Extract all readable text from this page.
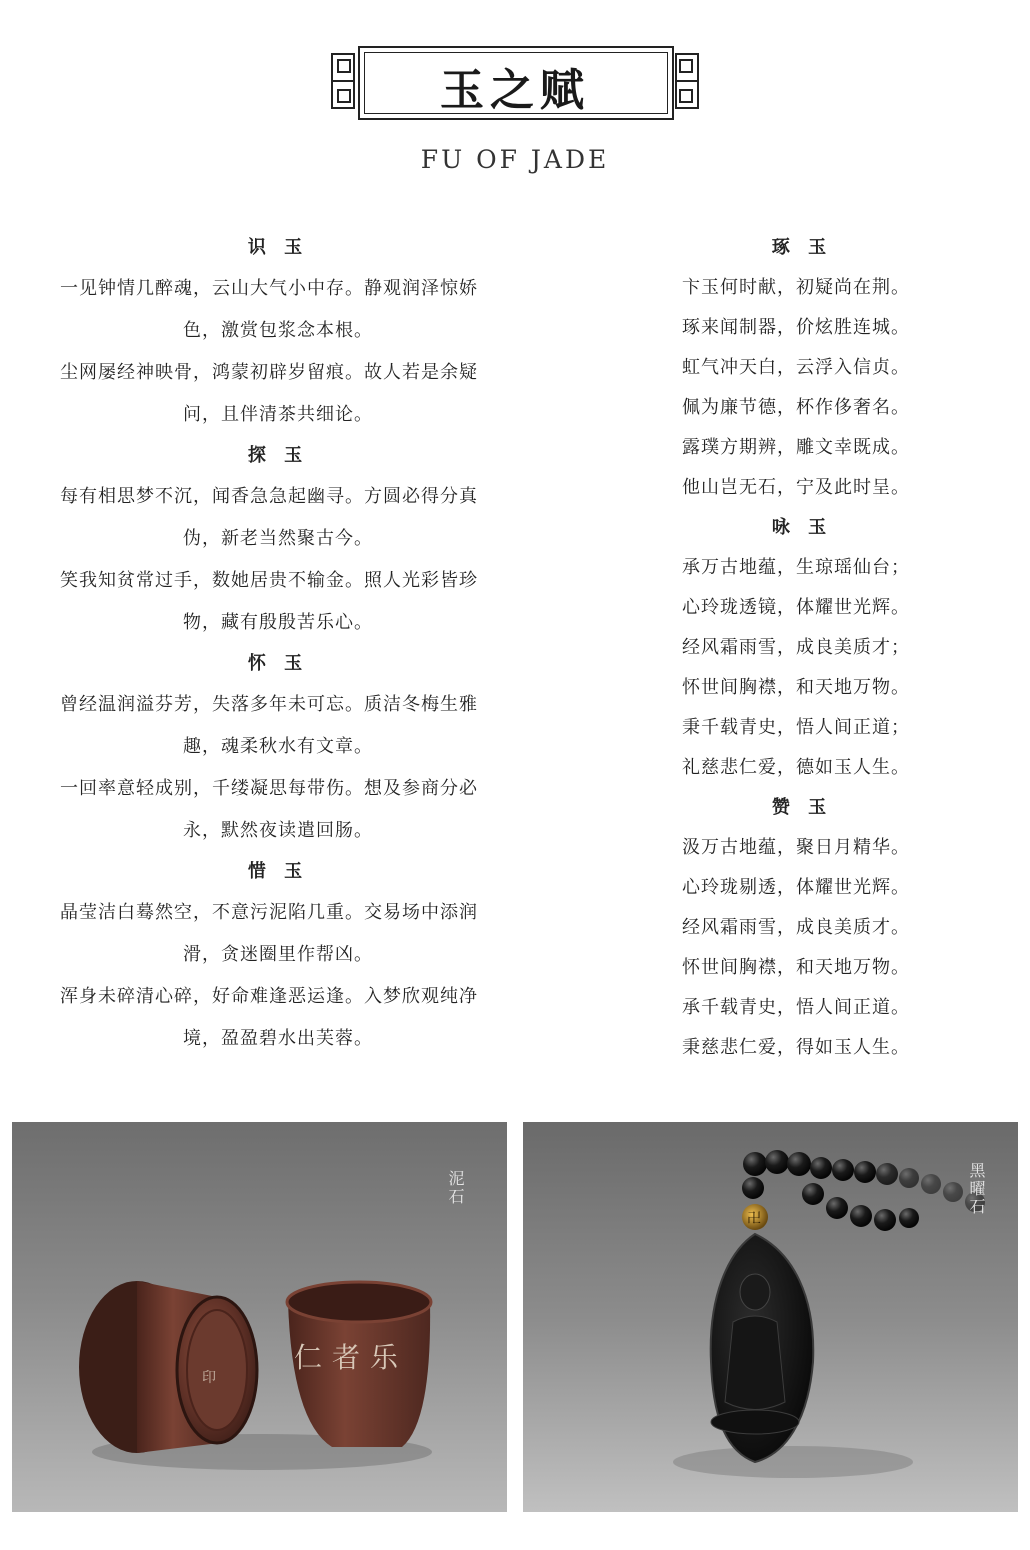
玉之赋
FU OF JADE
识 玉
一见钟情几醉魂，云山大气小中存。静观润泽惊娇
色，激赏包浆念本根。
尘网屡经神映骨，鸿蒙初辟岁留痕。故人若是余疑
问，且伴清茶共细论。
探 玉
每有相思梦不沉，闻香急急起幽寻。方圆必得分真
伪，新老当然聚古今。
笑我知贫常过手，数她居贵不输金。照人光彩皆珍
物，藏有殷殷苦乐心。
怀 玉
曾经温润溢芬芳，失落多年未可忘。质洁冬梅生雅
趣，魂柔秋水有文章。
一回率意轻成别，千缕凝思每带伤。想及参商分必
永，默然夜读遣回肠。
惜 玉
晶莹洁白蓦然空，不意污泥陷几重。交易场中添润
滑，贪迷圈里作帮凶。
浑身未碎清心碎，好命难逢恶运逢。入梦欣观纯净
境，盈盈碧水出芙蓉。
琢 玉
卞玉何时献，初疑尚在荆。
琢来闻制器，价炫胜连城。
虹气冲天白，云浮入信贞。
佩为廉节德，杯作侈奢名。
露璞方期辨，雕文幸既成。
他山岂无石，宁及此时呈。
咏 玉
承万古地蕴，生琼瑶仙台；
心玲珑透镜，体耀世光辉。
经风霜雨雪，成良美质才；
怀世间胸襟，和天地万物。
秉千载青史，悟人间正道；
礼慈悲仁爱，德如玉人生。
赞 玉
汲万古地蕴，聚日月精华。
心玲珑剔透，体耀世光辉。
经风霜雨雪，成良美质才。
怀世间胸襟，和天地万物。
承千载青史，悟人间正道。
秉慈悲仁爱，得如玉人生。
印
仁者乐
泥石
卍
黑曜石
